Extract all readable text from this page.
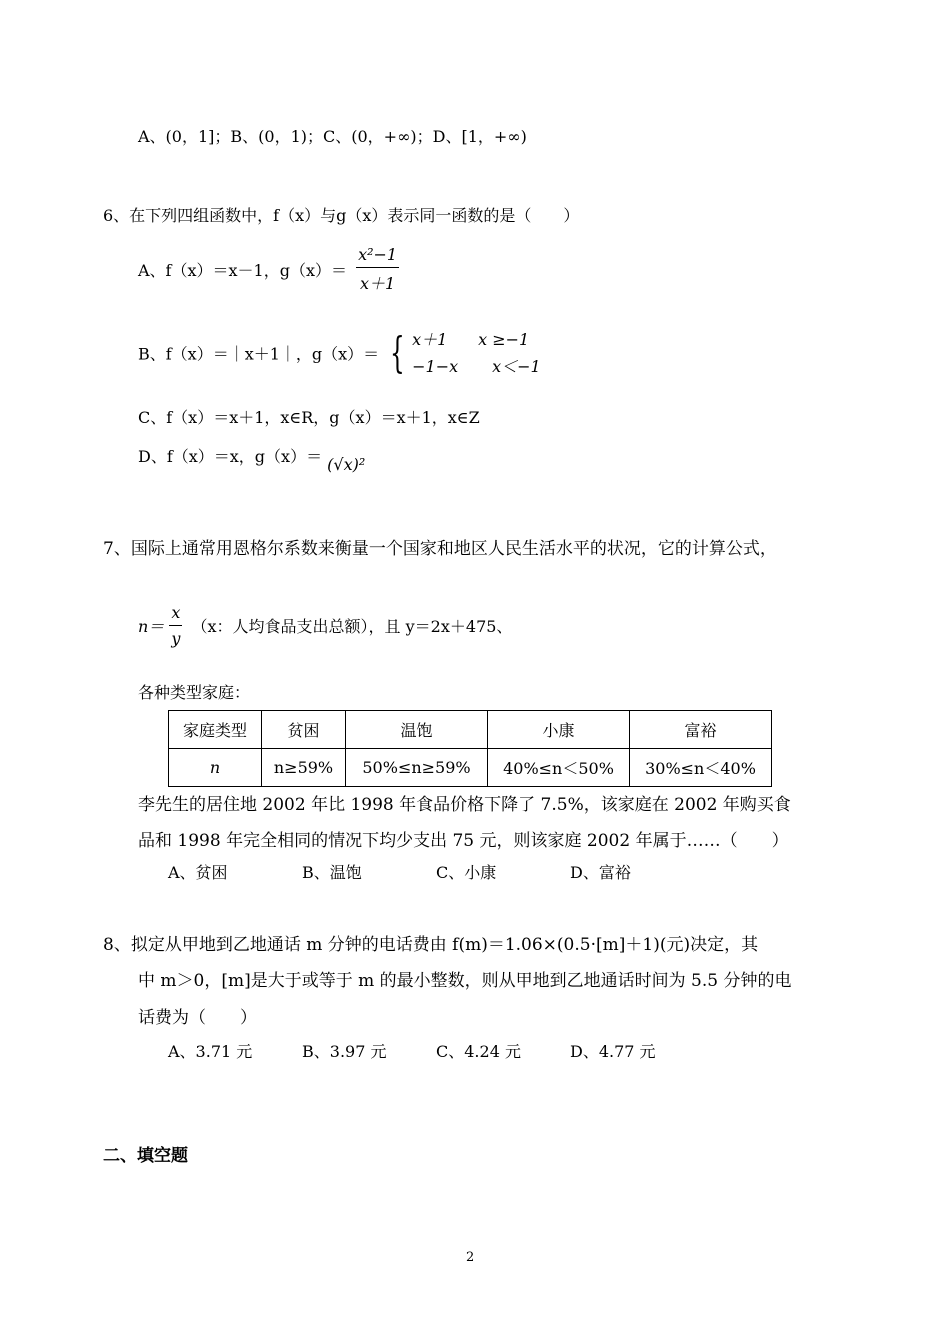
A、(0，1]；B、(0，1)；C、(0，+∞)；D、[1，+∞)
6、在下列四组函数中，f（x）与g（x）表示同一函数的是（　　）
A、f（x）＝x－1，$g(x)= \frac{\text{x²−1}}{x+1}$
B、f（x）＝｜x＋1｜，g（x）＝ { x＋1 x ≥−1
−1−x x＜−1
C、f（x）＝x＋1，x∈R，g（x）＝x＋1，x∈Z
D、f（x）＝x，g（x）＝ (√x)²
7、国际上通常用恩格尔系数来衡量一个国家和地区人民生活水平的状况，它的计算公式，
$n= \frac{x}{y} (x$：人均食品支出总额），且 y＝2x＋475、
各种类型家庭：
家庭类型	贫困	温饱	小康	富裕
n	n≥59%	50%≤n≥59%	40%≤n＜50%	30%≤n＜40%
李先生的居住地 2002 年比 1998 年食品价格下降了 7.5%，该家庭在 2002 年购买食
品和 1998 年完全相同的情况下均少支出 75 元，则该家庭 2002 年属于……（　　）
A、贫困	B、温饱	C、小康	D、富裕
8、拟定从甲地到乙地通话 m 分钟的电话费由 f(m)＝1.06×(0.5·[m]＋1)(元)决定，其
中 m＞0，[m]是大于或等于 m 的最小整数，则从甲地到乙地通话时间为 5.5 分钟的电
话费为（　　）
A、3.71 元	B、3.97 元	C、4.24 元	D、4.77 元
二、填空题
2
